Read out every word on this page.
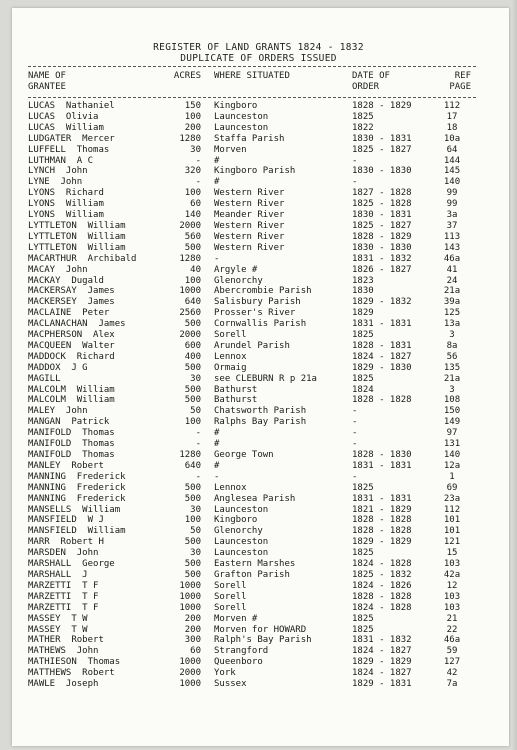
REGISTER OF LAND GRANTS 1824 - 1832
DUPLICATE OF ORDERS ISSUED
NAME OF
GRANTEE
ACRES WHERE SITUATED	DATE OF
ORDER
REF
PAGE
LUCAS  Nathaniel	150 Kingboro	1828 - 1829	112
LUCAS  Olivia	100 Launceston	1825	17
LUCAS  William	200 Launceston	1822	18
LUDGATER  Mercer	1280 Staffa Parish	1830 - 1831	10a
LUFFELL  Thomas	30 Morven	1825 - 1827	64
LUTHMAN  A C	- #	-	144
LYNCH  John	320 Kingboro Parish	1830 - 1830	145
LYNE  John	- #	-	140
LYONS  Richard	100 Western River	1827 - 1828	99
LYONS  William	60 Western River	1825 - 1828	99
LYONS  William	140 Meander River	1830 - 1831	3a
LYTTLETON  William	2000 Western River	1825 - 1827	37
LYTTLETON  William	560 Western River	1828 - 1829	113
LYTTLETON  William	500 Western River	1830 - 1830	143
MACARTHUR  Archibald	1280 -	1831 - 1832	46a
MACAY  John	40 Argyle #	1826 - 1827	41
MACKAY  Dugald	100 Glenorchy	1823	24
MACKERSAY  James	1000 Abercrombie Parish	1830	21a
MACKERSEY  James	640 Salisbury Parish	1829 - 1832	39a
MACLAINE  Peter	2560 Prosser's River	1829	125
MACLANACHAN  James	500 Cornwallis Parish	1831 - 1831	13a
MACPHERSON  Alex	2000 Sorell	1825	3
MACQUEEN  Walter	600 Arundel Parish	1828 - 1831	8a
MADDOCK  Richard	400 Lennox	1824 - 1827	56
MADDOX  J G	500 Ormaig	1829 - 1830	135
MAGILL	30 see CLEBURN R p 21a	1825	21a
MALCOLM  William	500 Bathurst	1824	3
MALCOLM  William	500 Bathurst	1828 - 1828	108
MALEY  John	50 Chatsworth Parish	-	150
MANGAN  Patrick	100 Ralphs Bay Parish	-	149
MANIFOLD  Thomas	- #	-	97
MANIFOLD  Thomas	- #	-	131
MANIFOLD  Thomas	1280 George Town	1828 - 1830	140
MANLEY  Robert	640 #	1831 - 1831	12a
MANNING  Frederick	- -	-	1
MANNING  Frederick	500 Lennox	1825	69
MANNING  Frederick	500 Anglesea Parish	1831 - 1831	23a
MANSELLS  William	30 Launceston	1821 - 1829	112
MANSFIELD  W J	100 Kingboro	1828 - 1828	101
MANSFIELD  William	50 Glenorchy	1828 - 1828	101
MARR  Robert H	500 Launceston	1829 - 1829	121
MARSDEN  John	30 Launceston	1825	15
MARSHALL  George	500 Eastern Marshes	1824 - 1828	103
MARSHALL  J	500 Grafton Parish	1825 - 1832	42a
MARZETTI  T F	1000 Sorell	1824 - 1826	12
MARZETTI  T F	1000 Sorell	1828 - 1828	103
MARZETTI  T F	1000 Sorell	1824 - 1828	103
MASSEY  T W	200 Morven #	1825	21
MASSEY  T W	200 Morven for HOWARD	1825	22
MATHER  Robert	300 Ralph's Bay Parish	1831 - 1832	46a
MATHEWS  John	60 Strangford	1824 - 1827	59
MATHIESON  Thomas	1000 Queenboro	1829 - 1829	127
MATTHEWS  Robert	2000 York	1824 - 1827	42
MAWLE  Joseph	1000 Sussex	1829 - 1831	7a
